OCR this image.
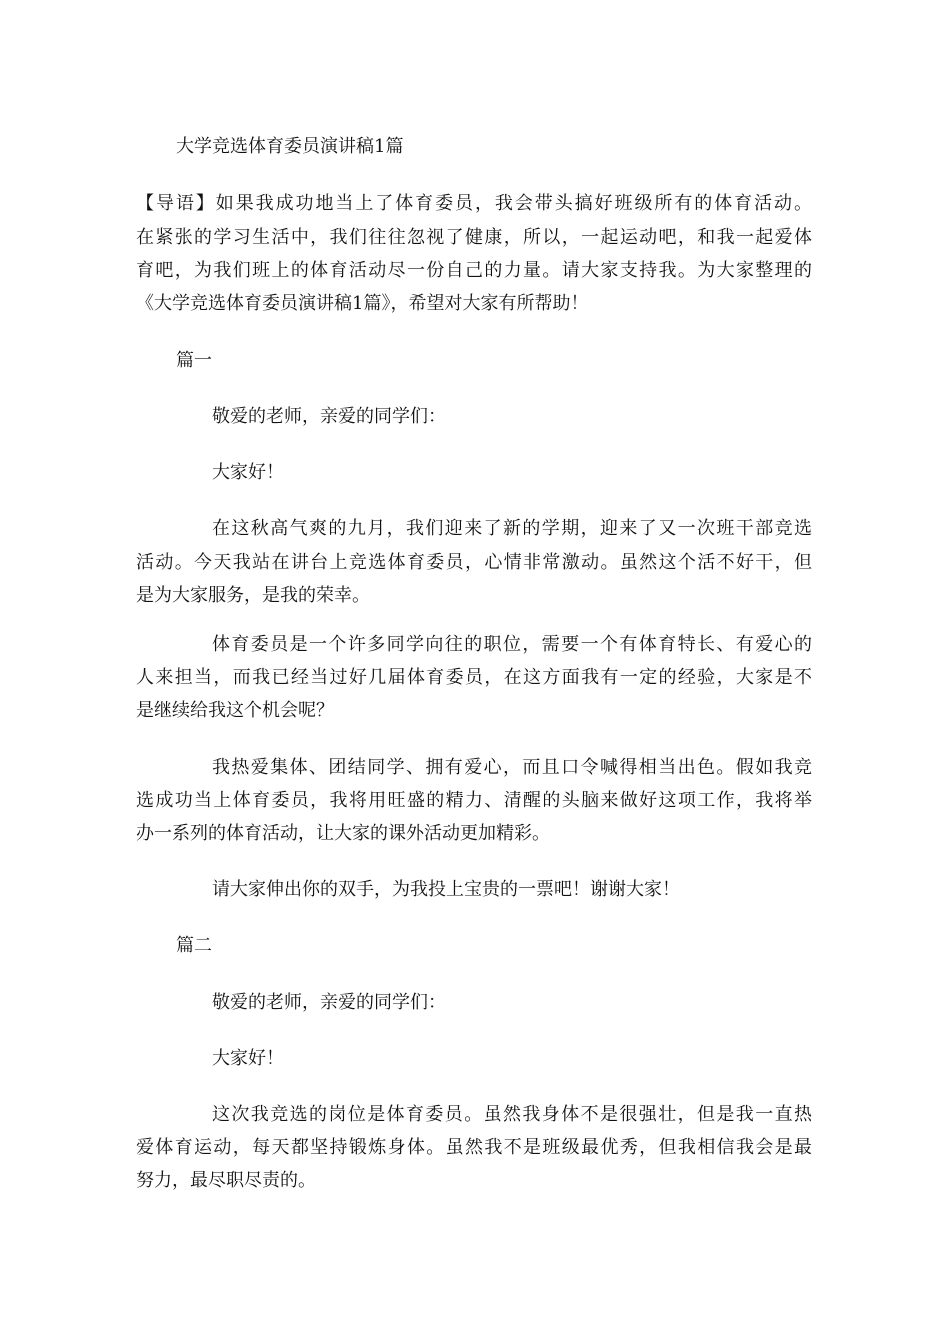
大学竞选体育委员演讲稿1篇
【导语】如果我成功地当上了体育委员，我会带头搞好班级所有的体育活动。
在紧张的学习生活中，我们往往忽视了健康，所以，一起运动吧，和我一起爱体
育吧，为我们班上的体育活动尽一份自己的力量。请大家支持我。为大家整理的
《大学竞选体育委员演讲稿1篇》，希望对大家有所帮助！
篇一
敬爱的老师，亲爱的同学们：
大家好！
在这秋高气爽的九月，我们迎来了新的学期，迎来了又一次班干部竞选
活动。今天我站在讲台上竞选体育委员，心情非常激动。虽然这个活不好干，但
是为大家服务，是我的荣幸。
体育委员是一个许多同学向往的职位，需要一个有体育特长、有爱心的
人来担当，而我已经当过好几届体育委员，在这方面我有一定的经验，大家是不
是继续给我这个机会呢？
我热爱集体、团结同学、拥有爱心，而且口令喊得相当出色。假如我竞
选成功当上体育委员，我将用旺盛的精力、清醒的头脑来做好这项工作，我将举
办一系列的体育活动，让大家的课外活动更加精彩。
请大家伸出你的双手，为我投上宝贵的一票吧！谢谢大家！
篇二
敬爱的老师，亲爱的同学们：
大家好！
这次我竞选的岗位是体育委员。虽然我身体不是很强壮，但是我一直热
爱体育运动，每天都坚持锻炼身体。虽然我不是班级最优秀，但我相信我会是最
努力，最尽职尽责的。
